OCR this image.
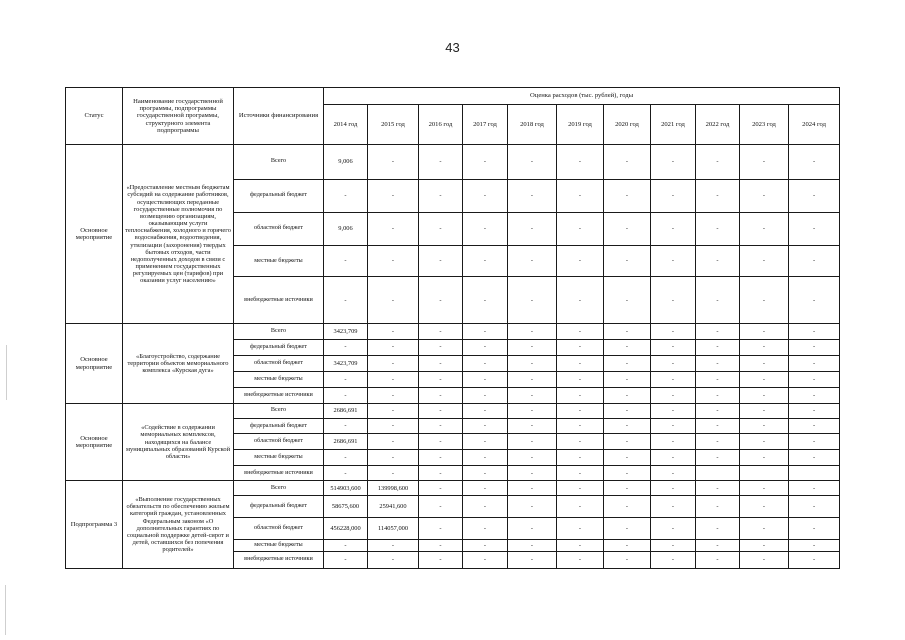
43
Статус	Наименование государственной программы, подпрограммы государственной программы, структурного элемента подпрограммы	Источники финансирования	Оценка расходов (тыс. рублей), годы										
			2014 год	2015 год	2016 год	2017 год	2018 год	2019 год	2020 год	2021 год	2022 год	2023 год	2024 год
Основное мероприятие	«Предоставление местным бюджетам субсидий на содержание работников, осуществляющих переданные государственные полномочия по возмещению организациям, оказывающим услуги теплоснабжения, холодного и горячего водоснабжения, водоотведения, утилизации (захоронения) твердых бытовых отходов, части недополученных доходов в связи с применением государственных регулируемых цен (тарифов) при оказании услуг населению»	Всего	9,006	-	-	-	-	-	-	-	-	-	-
		федеральный бюджет	-	-	-	-	-	-	-	-	-	-	-
		областной бюджет	9,006	-	-	-	-	-	-	-	-	-	-
		местные бюджеты	-	-	-	-	-	-	-	-	-	-	-
		внебюджетные источники	-	-	-	-	-	-	-	-	-	-	-
Основное мероприятие	«Благоустройство, содержание территории объектов мемориального комплекса «Курская дуга»	Всего	3423,709	-	-	-	-	-	-	-	-	-	-
		федеральный бюджет	-	-	-	-	-	-	-	-	-	-	-
		областной бюджет	3423,709	-	-	-	-	-	-	-	-	-	-
		местные бюджеты	-	-	-	-	-	-	-	-	-	-	-
		внебюджетные источники	-	-	-	-	-	-	-	-	-	-	-
Основное мероприятие	«Содействие в содержании мемориальных комплексов, находящихся на балансе муниципальных образований Курской области»	Всего	2686,691	-	-	-	-	-	-	-	-	-	-
		федеральный бюджет	-	-	-	-	-	-	-	-	-	-	-
		областной бюджет	2686,691	-	-	-	-	-	-	-	-	-	-
		местные бюджеты	-	-	-	-	-	-	-	-	-	-	-
		внебюджетные источники	-	-	-	-	-	-	-	-			
Подпрограмма 3	«Выполнение государственных обязательств по обеспечению жильем категорий граждан, установленных Федеральным законом «О дополнительных гарантиях по социальной поддержке детей-сирот и детей, оставшихся без попечения родителей»	Всего	514903,600	139998,600	-	-	-	-	-	-	-	-	-
		федеральный бюджет	58675,600	25941,600	-	-	-	-	-	-	-	-	-
		областной бюджет	456228,000	114057,000	-	-	-	-	-	-	-	-	-
		местные бюджеты	-	-	-	-	-	-	-	-	-	-	-
		внебюджетные источники	-	-	-	-	-	-	-	-	-	-	-
